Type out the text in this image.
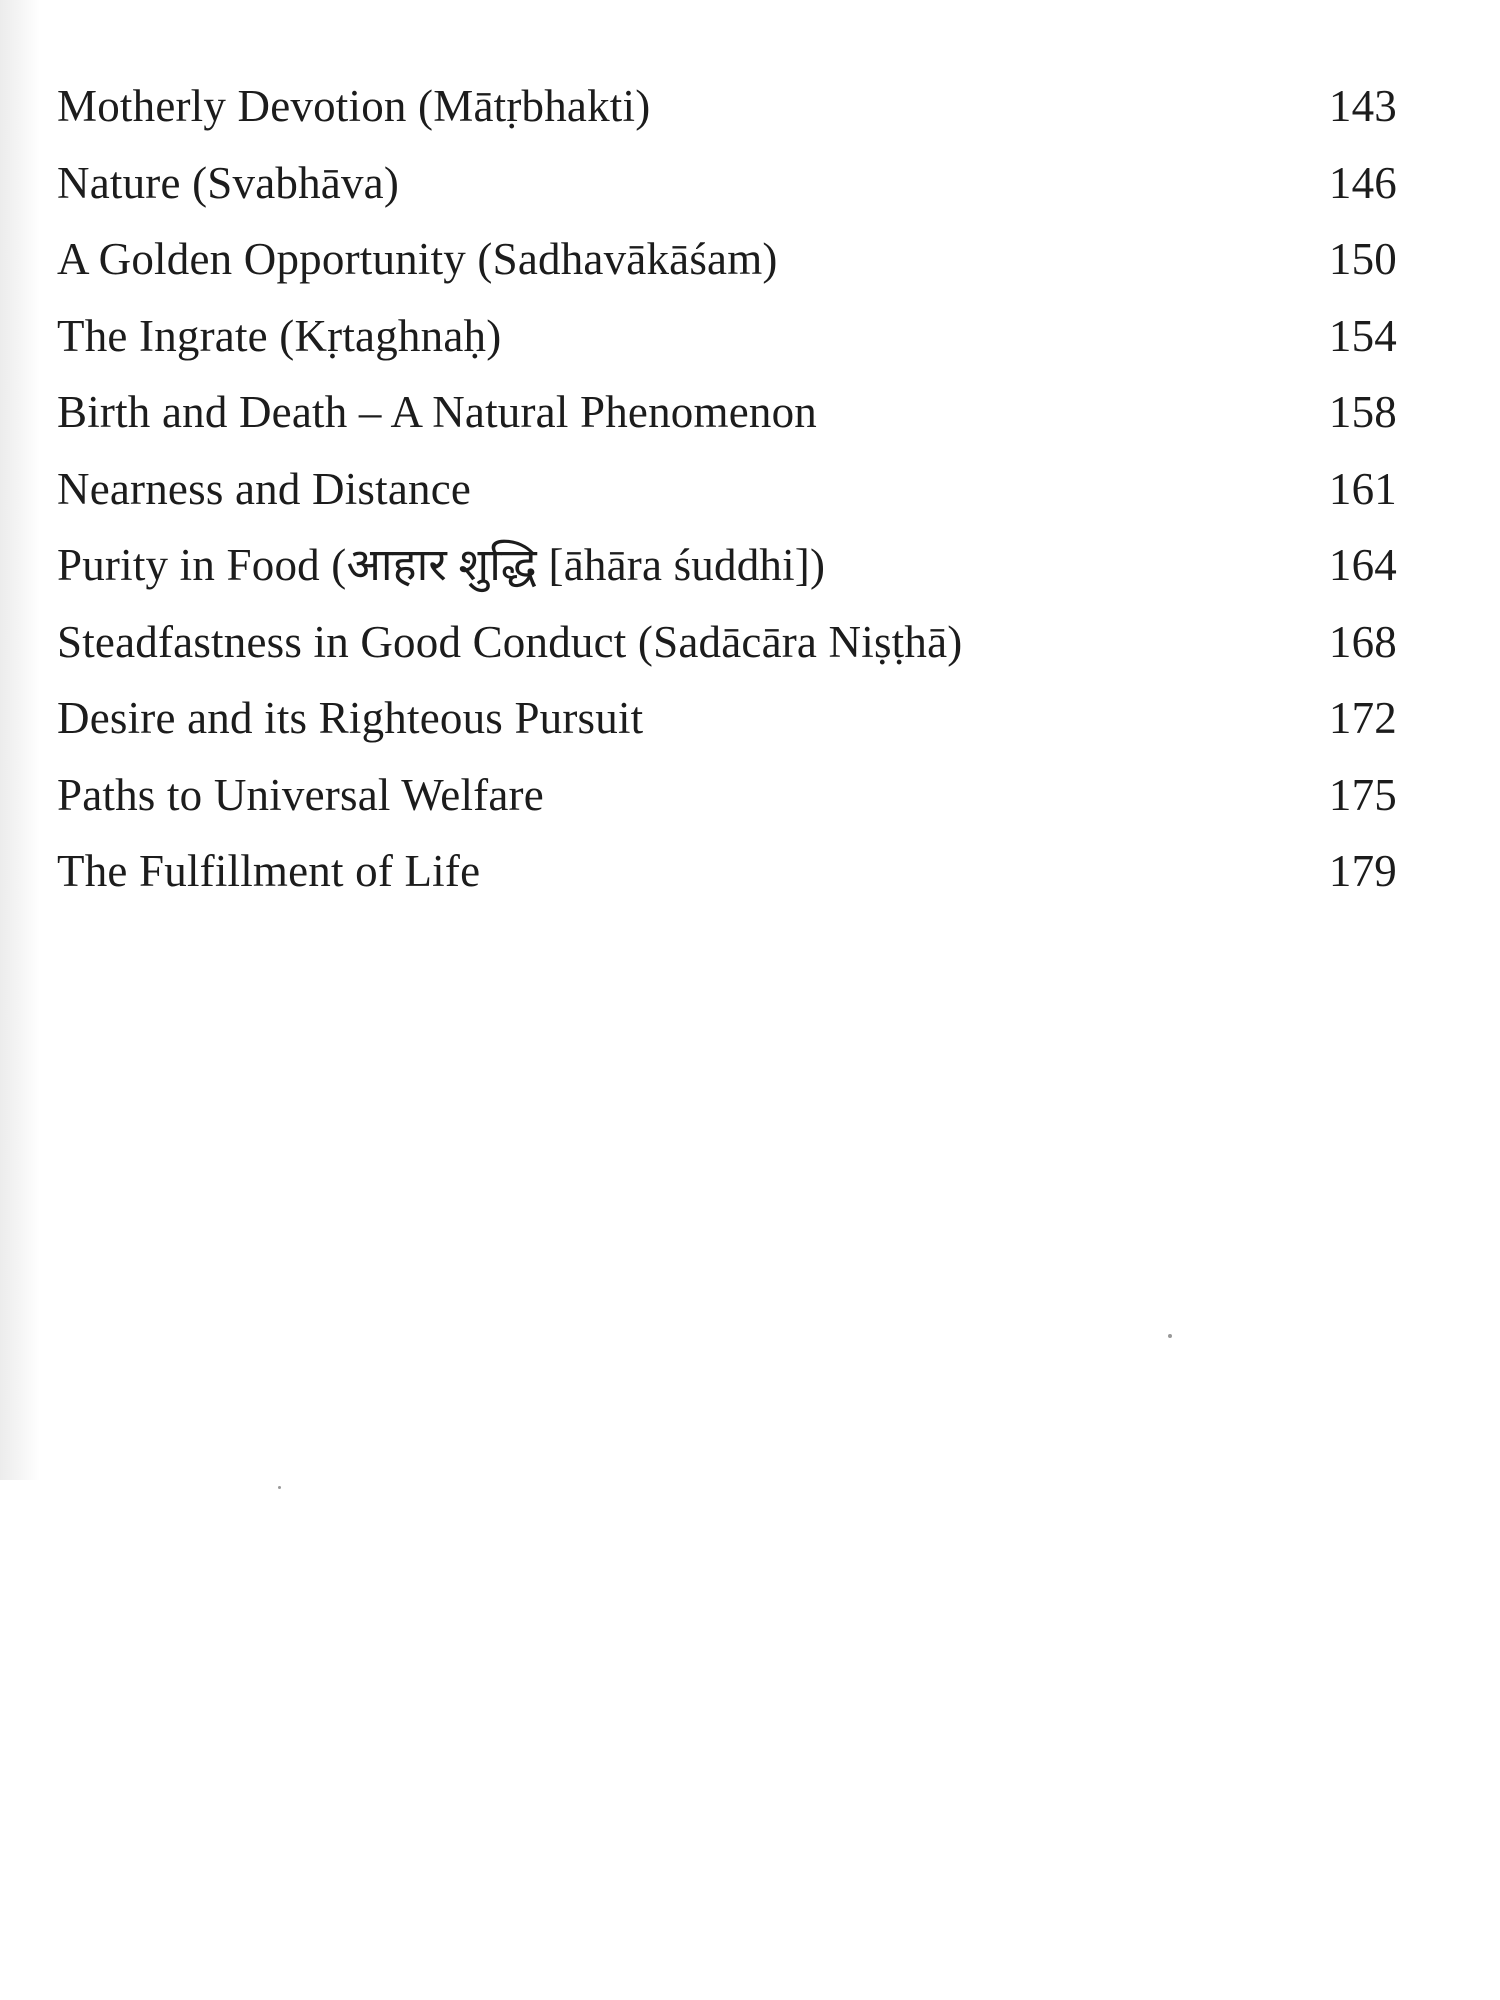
Motherly Devotion (Mātṛbhakti)	143
Nature (Svabhāva)	146
A Golden Opportunity (Sadhavākāśam)	150
The Ingrate (Kṛtaghnaḥ)	154
Birth and Death – A Natural Phenomenon	158
Nearness and Distance	161
Purity in Food (आहार शुद्धि [āhāra śuddhi])	164
Steadfastness in Good Conduct (Sadācāra Niṣṭhā)	168
Desire and its Righteous Pursuit	172
Paths to Universal Welfare	175
The Fulfillment of Life	179
